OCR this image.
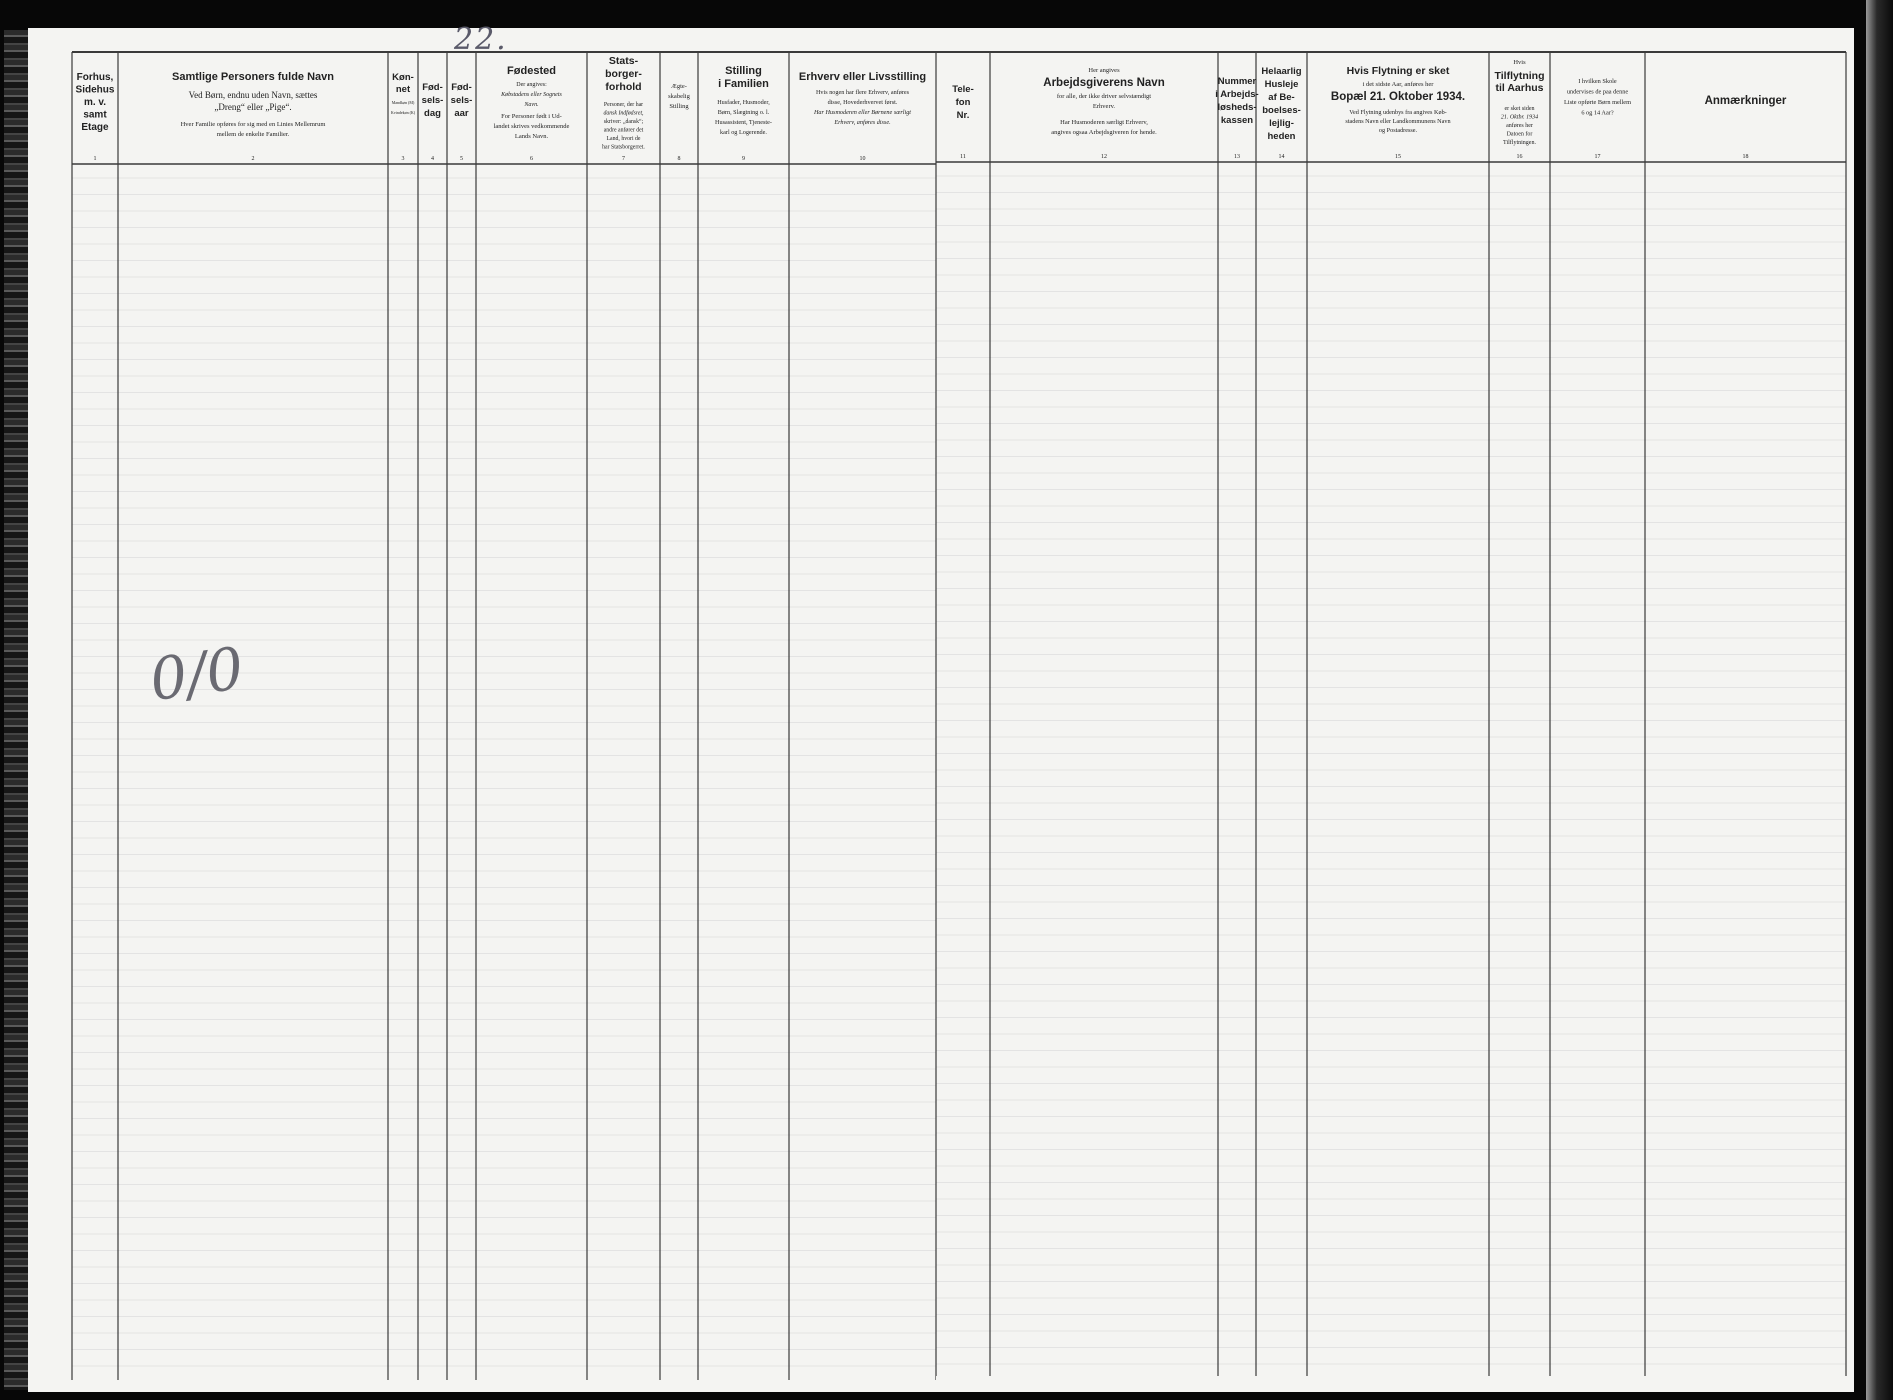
Forhus,
Sidehus
m. v.
samt
Etage
1
Samtlige Personers fulde Navn
Ved Børn, endnu uden Navn, sættes
„Dreng“ eller „Pige“.
Hver Familie opføres for sig med en Linies Mellemrum
mellem de enkelte Familier.
2
Køn-
net
Mandkøn (M)
Kvindekøn (K)
3
Fød-
sels-
dag
4
Fød-
sels-
aar
5
Fødested
Der angives:
Købstadens eller Sognets
Navn.
For Personer født i Ud-
landet skrives vedkommende
Lands Navn.
6
Stats-
borger-
forhold
Personer, der har
dansk Indfødsret,
skriver: „dansk“;
andre anfører det
Land, hvori de
har Statsborgerret.
7
Ægte-
skabelig
Stilling
8
Stilling
i Familien
Husfader, Husmoder,
Børn, Slægtning o. l.
Husassistent, Tjeneste-
karl og Logerende.
9
Erhverv eller Livsstilling
Hvis nogen har flere Erhverv, anføres
disse, Hovederhvervet først.
Har Husmoderen eller Børnene særligt
Erhverv, anføres disse.
10
22.
0/0
Tele-
fon
Nr.
11
Her angives
Arbejdsgiverens Navn
for alle, der ikke driver selvstændigt
Erhverv.
Har Husmoderen særligt Erhverv,
angives ogsaa Arbejdsgiveren for hende.
12
Nummer
i Arbejds-
løsheds-
kassen
13
Helaarlig
Husleje
af Be-
boelses-
lejlig-
heden
14
Hvis Flytning er sket
i det sidste Aar, anføres her
Bopæl 21. Oktober 1934.
Ved Flytning udenbys fra angives Køb-
stadens Navn eller Landkommunens Navn
og Postadresse.
15
Hvis
Tilflytning
til Aarhus
er sket siden
21. Oktbr. 1934
anføres her
Datoen for
Tilflytningen.
16
I hvilken Skole
undervises de paa denne
Liste opførte Børn mellem
6 og 14 Aar?
17
Anmærkninger
18
